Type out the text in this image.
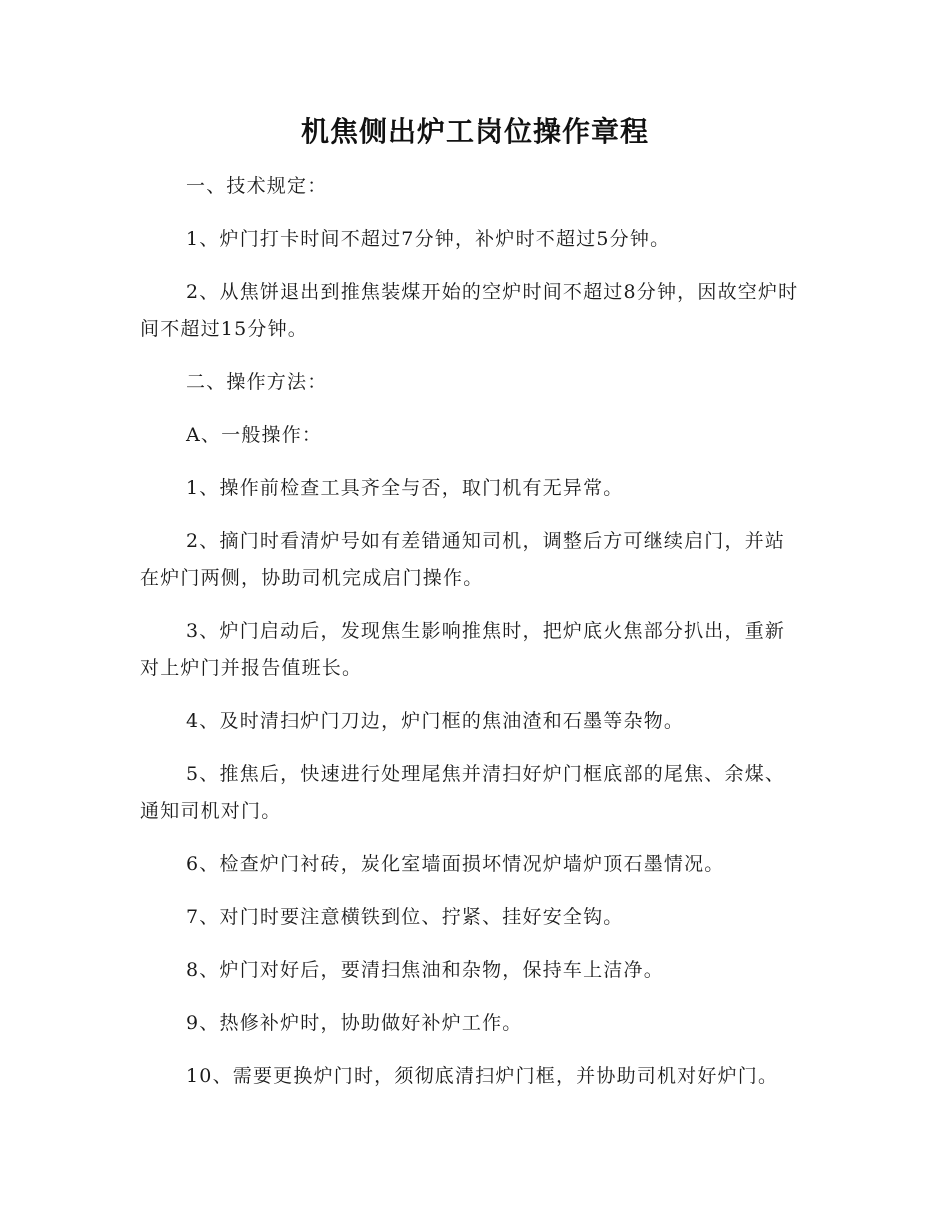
机焦侧出炉工岗位操作章程

一、技术规定：

1、炉门打卡时间不超过7分钟，补炉时不超过5分钟。

2、从焦饼退出到推焦装煤开始的空炉时间不超过8分钟，因故空炉时间不超过15分钟。

二、操作方法：

A、一般操作：

1、操作前检查工具齐全与否，取门机有无异常。

2、摘门时看清炉号如有差错通知司机，调整后方可继续启门，并站在炉门两侧，协助司机完成启门操作。

3、炉门启动后，发现焦生影响推焦时，把炉底火焦部分扒出，重新对上炉门并报告值班长。

4、及时清扫炉门刀边，炉门框的焦油渣和石墨等杂物。

5、推焦后，快速进行处理尾焦并清扫好炉门框底部的尾焦、余煤、通知司机对门。

6、检查炉门衬砖，炭化室墙面损坏情况炉墙炉顶石墨情况。

7、对门时要注意横铁到位、拧紧、挂好安全钩。

8、炉门对好后，要清扫焦油和杂物，保持车上洁净。

9、热修补炉时，协助做好补炉工作。

10、需要更换炉门时，须彻底清扫炉门框，并协助司机对好炉门。
